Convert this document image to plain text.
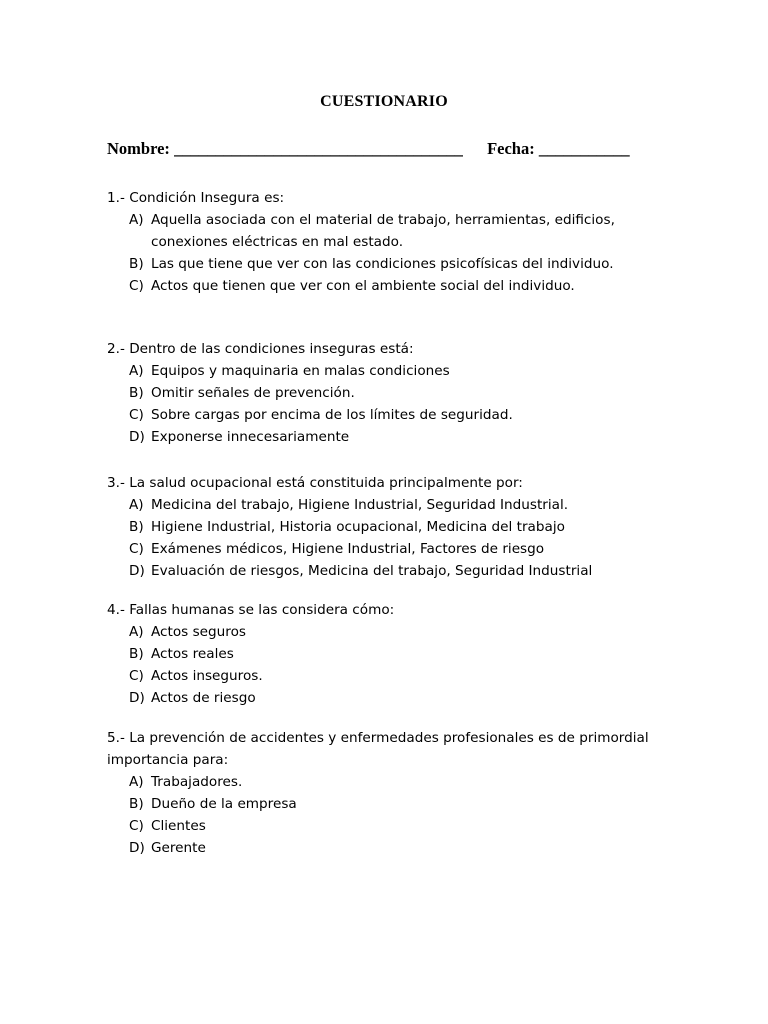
CUESTIONARIO
Nombre: ___________________________________ Fecha: ___________
1.- Condición Insegura es:
A) Aquella asociada con el material de trabajo, herramientas, edificios,
conexiones eléctricas en mal estado.
B) Las que tiene que ver con las condiciones psicofísicas del individuo.
C) Actos que tienen que ver con el ambiente social del individuo.
2.- Dentro de las condiciones inseguras está:
A) Equipos y maquinaria en malas condiciones
B) Omitir señales de prevención.
C) Sobre cargas por encima de los límites de seguridad.
D) Exponerse innecesariamente
3.- La salud ocupacional está constituida principalmente por:
A) Medicina del trabajo, Higiene Industrial, Seguridad Industrial.
B) Higiene Industrial, Historia ocupacional, Medicina del trabajo
C) Exámenes médicos, Higiene Industrial, Factores de riesgo
D) Evaluación de riesgos, Medicina del trabajo, Seguridad Industrial
4.- Fallas humanas se las considera cómo:
A) Actos seguros
B) Actos reales
C) Actos inseguros.
D) Actos de riesgo
5.- La prevención de accidentes y enfermedades profesionales es de primordial importancia para:
A) Trabajadores.
B) Dueño de la empresa
C) Clientes
D) Gerente
